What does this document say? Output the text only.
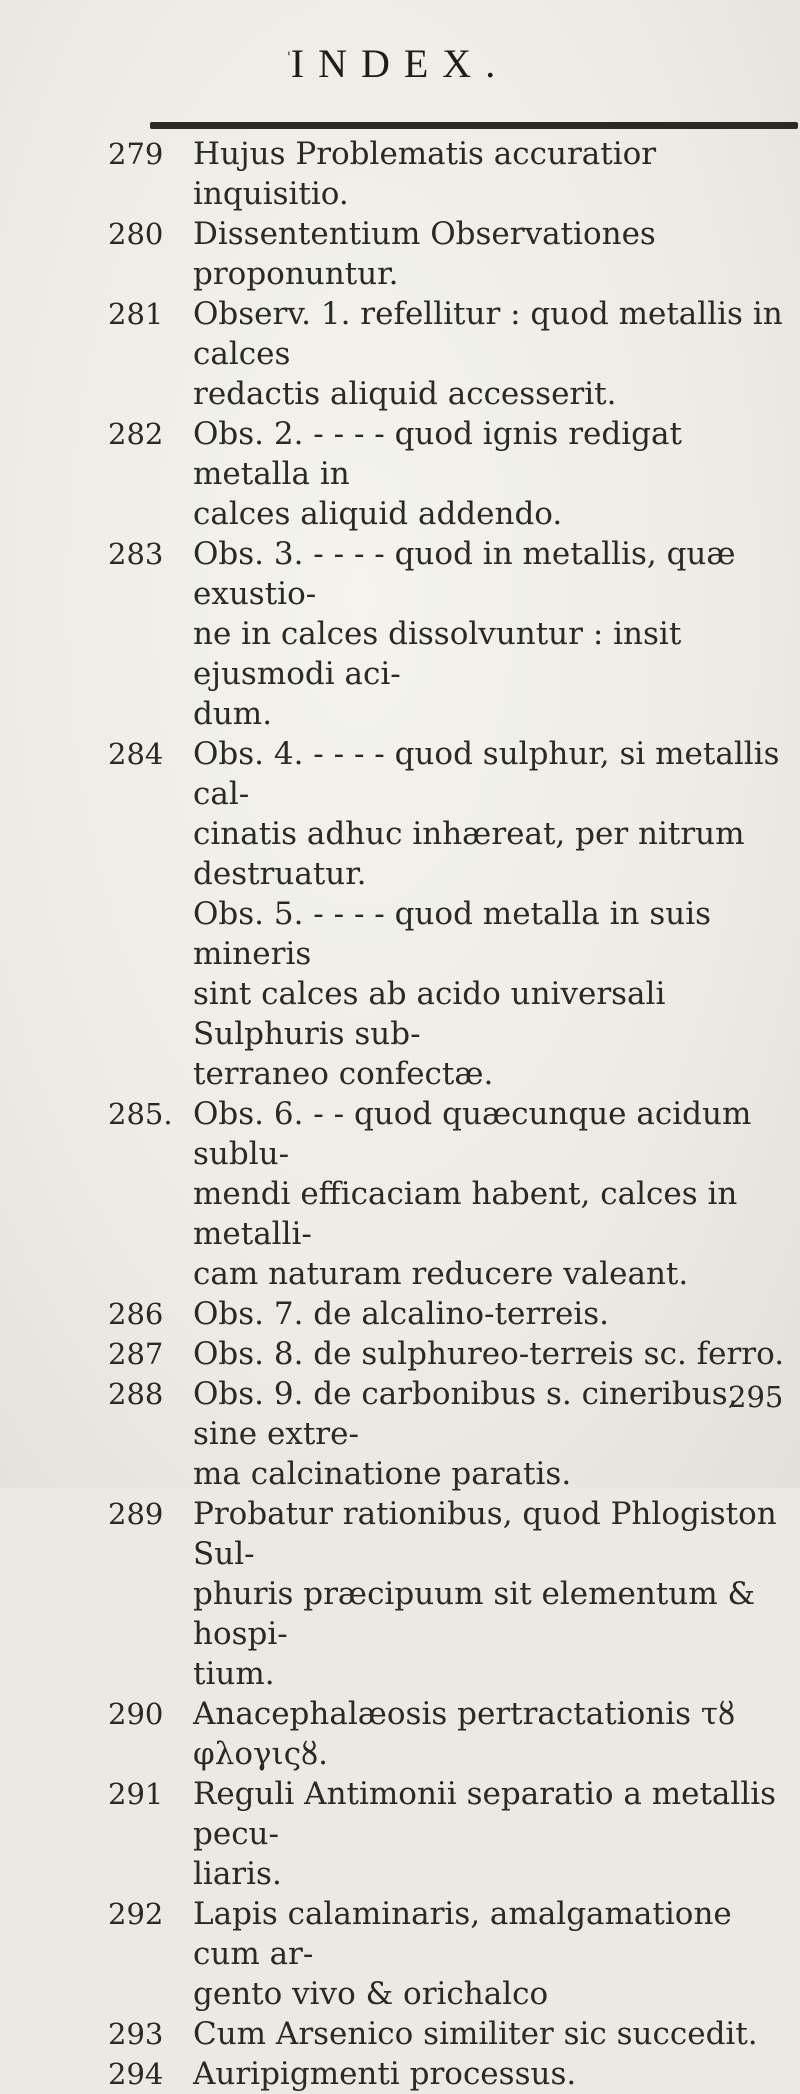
' INDEX.
279 Hujus Problematis accuratior inquisitio.
280 Dissententium Observationes proponuntur.
281 Observ. 1. refellitur : quod metallis in calces
redactis aliquid accesserit.
282 Obs. 2. - - - - quod ignis redigat metalla in
calces aliquid addendo.
283 Obs. 3. - - - - quod in metallis, quæ exustio-
ne in calces dissolvuntur : insit ejusmodi aci-
dum.
284 Obs. 4. - - - - quod sulphur, si metallis cal-
cinatis adhuc inhæreat, per nitrum destruatur.
Obs. 5. - - - - quod metalla in suis mineris
sint calces ab acido universali Sulphuris sub-
terraneo confectæ.
285. Obs. 6. - - quod quæcunque acidum sublu-
mendi efficaciam habent, calces in metalli-
cam naturam reducere valeant.
286 Obs. 7. de alcalino-terreis.
287 Obs. 8. de sulphureo-terreis sc. ferro.
288 Obs. 9. de carbonibus s. cineribus, sine extre-
ma calcinatione paratis.
289 Probatur rationibus, quod Phlogiston Sul-
phuris præcipuum sit elementum & hospi-
tium.
290 Anacephalæosis pertractationis τȣ φλογιςȣ.
291 Reguli Antimonii separatio a metallis pecu-
liaris.
292 Lapis calaminaris, amalgamatione cum ar-
gento vivo & orichalco
293 Cum Arsenico similiter sic succedit.
294 Auripigmenti processus.
295
